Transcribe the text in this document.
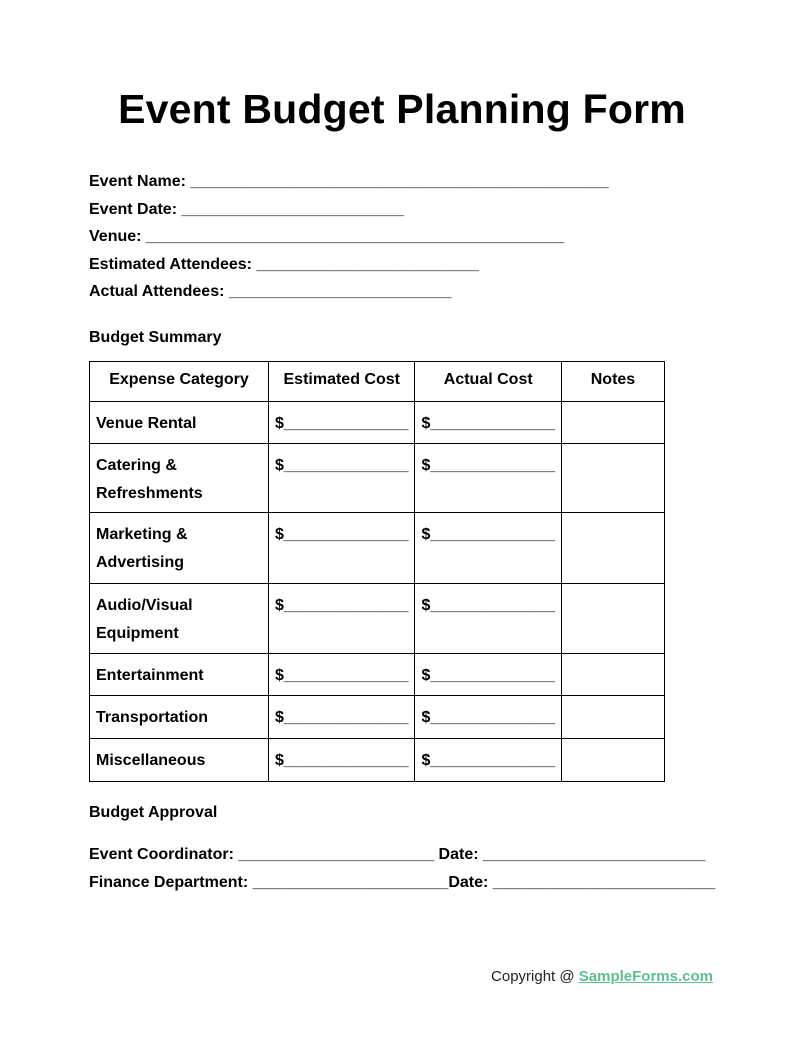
Event Budget Planning Form
Event Name: _______________________________________________
Event Date: _________________________
Venue: _______________________________________________
Estimated Attendees: _________________________
Actual Attendees: _________________________
Budget Summary
Expense Category	Estimated Cost	Actual Cost	Notes
Venue Rental	$______________	$______________	
Catering & Refreshments	$______________	$______________	
Marketing & Advertising	$______________	$______________	
Audio/Visual Equipment	$______________	$______________	
Entertainment	$______________	$______________	
Transportation	$______________	$______________	
Miscellaneous	$______________	$______________	
Budget Approval
Event Coordinator: ______________________ Date: _________________________
Finance Department: ______________________Date: _________________________
Copyright @ SampleForms.com
